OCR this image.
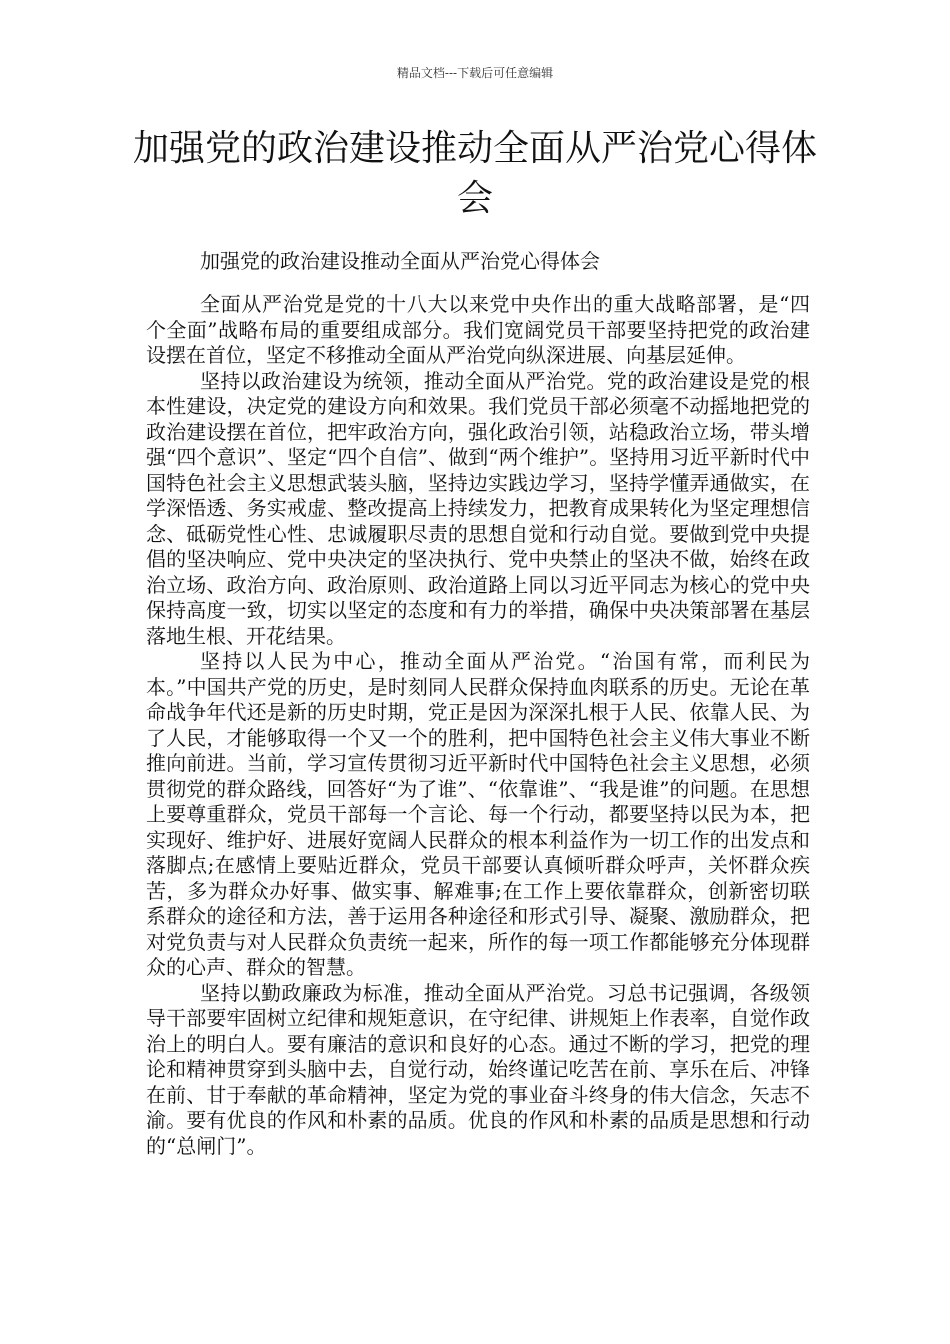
精品文档---下载后可任意编辑
加强党的政治建设推动全面从严治党心得体会

加强党的政治建设推动全面从严治党心得体会

全面从严治党是党的十八大以来党中央作出的重大战略部署，是“四个全面”战略布局的重要组成部分。我们宽阔党员干部要坚持把党的政治建设摆在首位，坚定不移推动全面从严治党向纵深进展、向基层延伸。

坚持以政治建设为统领，推动全面从严治党。党的政治建设是党的根本性建设，决定党的建设方向和效果。我们党员干部必须毫不动摇地把党的政治建设摆在首位，把牢政治方向，强化政治引领，站稳政治立场，带头增强“四个意识”、坚定“四个自信”、做到“两个维护”。坚持用习近平新时代中国特色社会主义思想武装头脑，坚持边实践边学习，坚持学懂弄通做实，在学深悟透、务实戒虚、整改提高上持续发力，把教育成果转化为坚定理想信念、砥砺党性心性、忠诚履职尽责的思想自觉和行动自觉。要做到党中央提倡的坚决响应、党中央决定的坚决执行、党中央禁止的坚决不做，始终在政治立场、政治方向、政治原则、政治道路上同以习近平同志为核心的党中央保持高度一致，切实以坚定的态度和有力的举措，确保中央决策部署在基层落地生根、开花结果。

坚持以人民为中心，推动全面从严治党。“治国有常，而利民为本。”中国共产党的历史，是时刻同人民群众保持血肉联系的历史。无论在革命战争年代还是新的历史时期，党正是因为深深扎根于人民、依靠人民、为了人民，才能够取得一个又一个的胜利，把中国特色社会主义伟大事业不断推向前进。当前，学习宣传贯彻习近平新时代中国特色社会主义思想，必须贯彻党的群众路线，回答好“为了谁”、“依靠谁”、“我是谁”的问题。在思想上要尊重群众，党员干部每一个言论、每一个行动，都要坚持以民为本，把实现好、维护好、进展好宽阔人民群众的根本利益作为一切工作的出发点和落脚点;在感情上要贴近群众，党员干部要认真倾听群众呼声，关怀群众疾苦，多为群众办好事、做实事、解难事;在工作上要依靠群众，创新密切联系群众的途径和方法，善于运用各种途径和形式引导、凝聚、激励群众，把对党负责与对人民群众负责统一起来，所作的每一项工作都能够充分体现群众的心声、群众的智慧。

坚持以勤政廉政为标准，推动全面从严治党。习总书记强调，各级领导干部要牢固树立纪律和规矩意识，在守纪律、讲规矩上作表率，自觉作政治上的明白人。要有廉洁的意识和良好的心态。通过不断的学习，把党的理论和精神贯穿到头脑中去，自觉行动，始终谨记吃苦在前、享乐在后、冲锋在前、甘于奉献的革命精神，坚定为党的事业奋斗终身的伟大信念，矢志不渝。要有优良的作风和朴素的品质。优良的作风和朴素的品质是思想和行动的“总闸门”。
